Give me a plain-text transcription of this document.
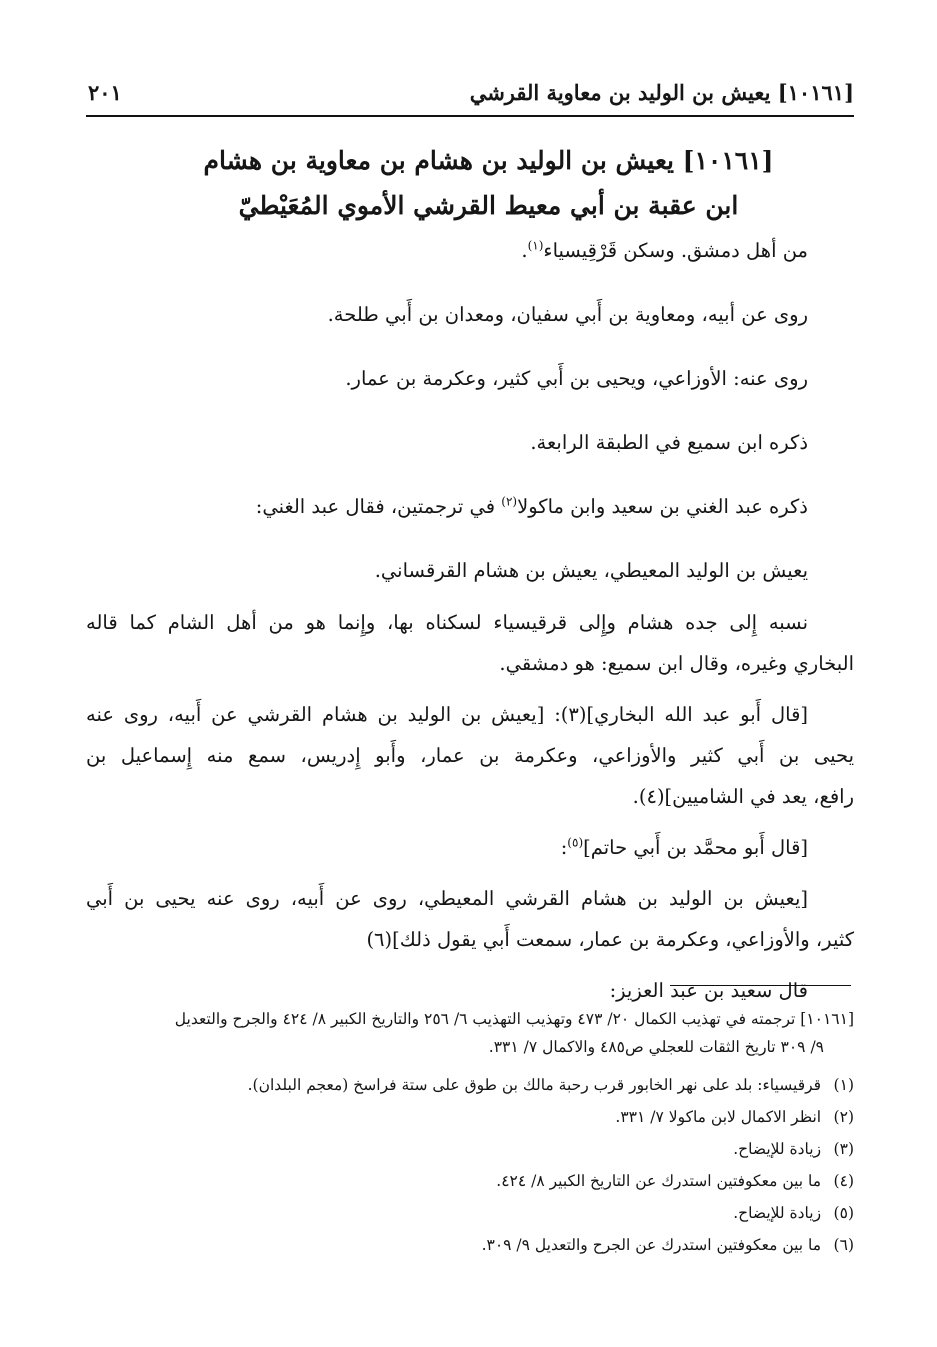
[١٠١٦١] يعيش بن الوليد بن معاوية القرشي
٢٠١
[١٠١٦١] يعيش بن الوليد بن هشام بن معاوية بن هشام
ابن عقبة بن أبي معيط القرشي الأموي المُعَيْطيّ
من أهل دمشق. وسكن قَرْقِيسياء$^{(١)}$.
روى عن أبيه، ومعاوية بن أَبي سفيان، ومعدان بن أَبي طلحة.
روى عنه: الأوزاعي، ويحيى بن أَبي كثير، وعكرمة بن عمار.
ذكره ابن سميع في الطبقة الرابعة.
ذكره عبد الغني بن سعيد وابن ماكولا$^{(٢)}$ في ترجمتين، فقال عبد الغني:
يعيش بن الوليد المعيطي، يعيش بن هشام القرقساني.
نسبه إِلى جده هشام وإِلى قرقيسياء لسكناه بها، وإِنما هو من أهل الشام كما قاله
البخاري وغيره، وقال ابن سميع: هو دمشقي.
[قال أَبو عبد الله البخاري](٣): [يعيش بن الوليد بن هشام القرشي عن أَبيه، روى عنه
يحيى بن أَبي كثير والأوزاعي، وعكرمة بن عمار، وأَبو إِدريس، سمع منه إِسماعيل بن
رافع، يعد في الشاميين](٤).
[قال أَبو محمَّد بن أَبي حاتم]$^{(٥)}$:
[يعيش بن الوليد بن هشام القرشي المعيطي، روى عن أَبيه، روى عنه يحيى بن أَبي
كثير، والأوزاعي، وعكرمة بن عمار، سمعت أَبي يقول ذلك](٦)
قال سعيد بن عبد العزيز:
[١٠١٦١] ترجمته في تهذيب الكمال ٢٠/ ٤٧٣ وتهذيب التهذيب ٦/ ٢٥٦ والتاريخ الكبير ٨/ ٤٢٤ والجرح والتعديل
٩/ ٣٠٩ تاريخ الثقات للعجلي ص٤٨٥ والاكمال ٧/ ٣٣١.
(١) قرقيسياء: بلد على نهر الخابور قرب رحبة مالك بن طوق على ستة فراسخ (معجم البلدان).
(٢) انظر الاكمال لابن ماكولا ٧/ ٣٣١.
(٣) زيادة للإيضاح.
(٤) ما بين معكوفتين استدرك عن التاريخ الكبير ٨/ ٤٢٤.
(٥) زيادة للإيضاح.
(٦) ما بين معكوفتين استدرك عن الجرح والتعديل ٩/ ٣٠٩.
